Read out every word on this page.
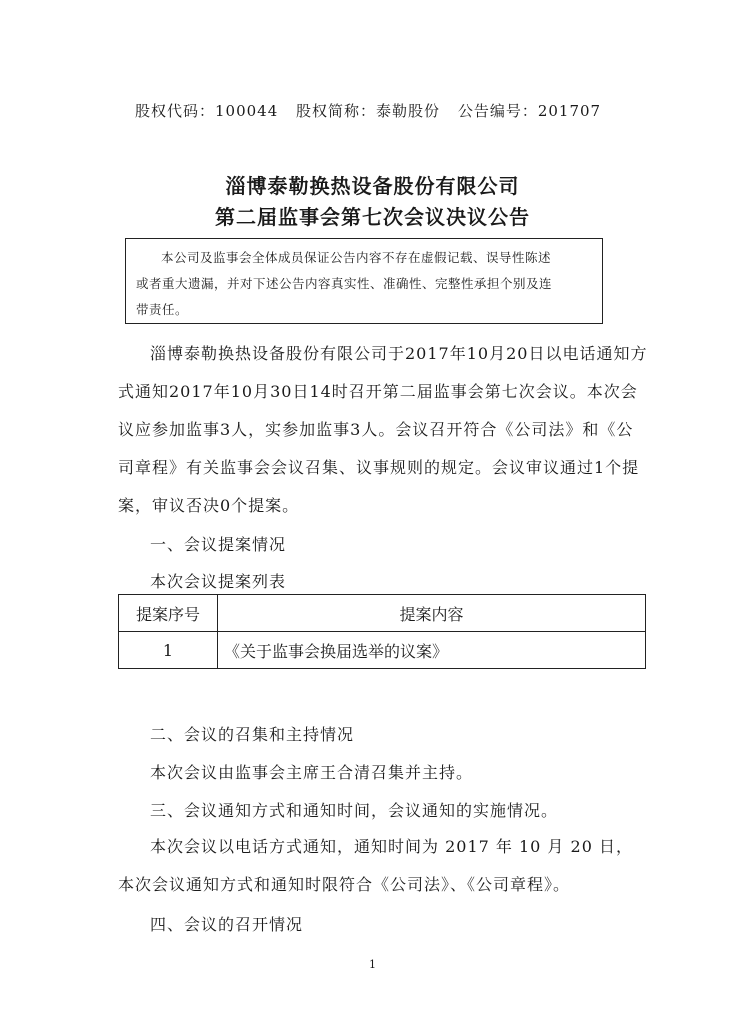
股权代码：100044 股权简称：泰勒股份 公告编号：201707
淄博泰勒换热设备股份有限公司
第二届监事会第七次会议决议公告
本公司及监事会全体成员保证公告内容不存在虚假记载、误导性陈述
或者重大遗漏，并对下述公告内容真实性、准确性、完整性承担个别及连
带责任。
淄博泰勒换热设备股份有限公司于2017年10月20日以电话通知方式通知2017年10月30日14时召开第二届监事会第七次会议。本次会议应参加监事3人，实参加监事3人。会议召开符合《公司法》和《公司章程》有关监事会会议召集、议事规则的规定。会议审议通过1个提案，审议否决0个提案。
一、会议提案情况
本次会议提案列表
提案序号	提案内容
1	《关于监事会换届选举的议案》
二、会议的召集和主持情况
本次会议由监事会主席王合清召集并主持。
三、会议通知方式和通知时间，会议通知的实施情况。
本次会议以电话方式通知，通知时间为 2017 年 10 月 20 日，本次会议通知方式和通知时限符合《公司法》、《公司章程》。
四、会议的召开情况
1
